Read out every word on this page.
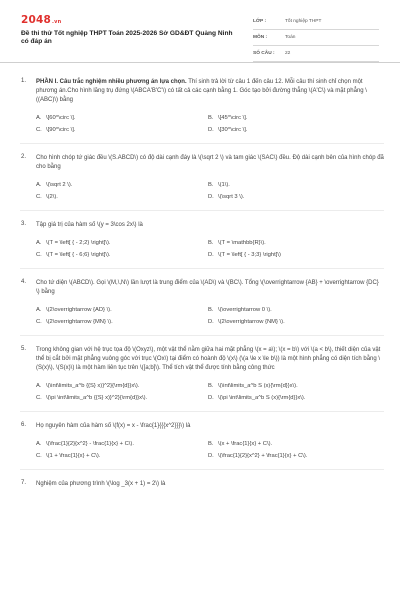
2048.vn
Đề thi thử Tốt nghiệp THPT Toán 2025-2026 Sở GD&ĐT Quảng Ninh có đáp án
LỚP :	Tốt nghiệp THPT
MÔN :	Toán
SỐ CÂU :	22
1. PHẦN I. Câu trắc nghiệm nhiều phương án lựa chọn. Thí sinh trả lời từ câu 1 đến câu 12. Mỗi câu thí sinh chỉ chọn một phương án.Cho hình lăng trụ đứng \(ABCA'B'C'\) có tất cả các cạnh bằng 1. Góc tạo bởi đường thẳng \(A'C\) và mặt phẳng \((ABC)\) bằng
A. \[60^\circ \].	B. \[45^\circ \].
C. \[90^\circ \].	D. \[30^\circ \].
2. Cho hình chóp tứ giác đều \(S.ABCD\) có độ dài cạnh đáy là \(\sqrt 2 \) và tam giác \(SAC\) đều. Độ dài cạnh bên của hình chóp đã cho bằng
A. \(\sqrt 2 \).	B. \(1\).
C. \(2\).	D. \(\sqrt 3 \).
3. Tập giá trị của hàm số \(y = 3\cos 2x\) là
A. \(T = \left[ { - 2;2} \right]\).	B. \(T = \mathbb{R}\).
C. \(T = \left[ { - 6;6} \right]\).	D. \(T = \left[ { - 3;3} \right]\)
4. Cho tứ diện \(ABCD\). Gọi \(M,\,N\) lần lượt là trung điểm của \(AD\) và \(BC\). Tổng \(\overrightarrow {AB} + \overrightarrow {DC} \) bằng
A. \(2\overrightarrow {AD} \).	B. \(\overrightarrow 0 \).
C. \(2\overrightarrow {MN} \).	D. \(2\overrightarrow {NM} \).
5. Trong không gian với hệ trục tọa độ \(Oxyz\), một vật thể nằm giữa hai mặt phẳng \(x = a\); \(x = b\) với \(a < b\), thiết diện của vật thể bị cắt bởi mặt phẳng vuông góc với trục \(Ox\) tại điểm có hoành độ \(x\) (\(a \le x \le b\)) là một hình phẳng có diện tích bằng \(S(x)\), \(S(x)\) là một hàm liên tục trên \([a;b]\). Thể tích vật thể được tính bằng công thức
A. \(\int\limits_a^b {{S} x)}^2}{\rm{d}}x\).	B. \(\int\limits_a^b S (x){\rm{d}}x\).
C. \(\pi \int\limits_a^b {{S} x)}^2}{\rm{d}}x\).	D. \(\pi \int\limits_a^b S (x){\rm{d}}x\).
6. Họ nguyên hàm của hàm số \(f(x) = x - \frac{1}{{{x^2}}}\) là
A. \(\frac{1}{2}{x^2} - \frac{1}{x} + C\).	B. \(x + \frac{1}{x} + C\).
C. \(1 + \frac{1}{x} + C\).	D. \(\frac{1}{2}{x^2} + \frac{1}{x} + C\).
7. Nghiệm của phương trình \(\log _3(x + 1) = 2\) là
